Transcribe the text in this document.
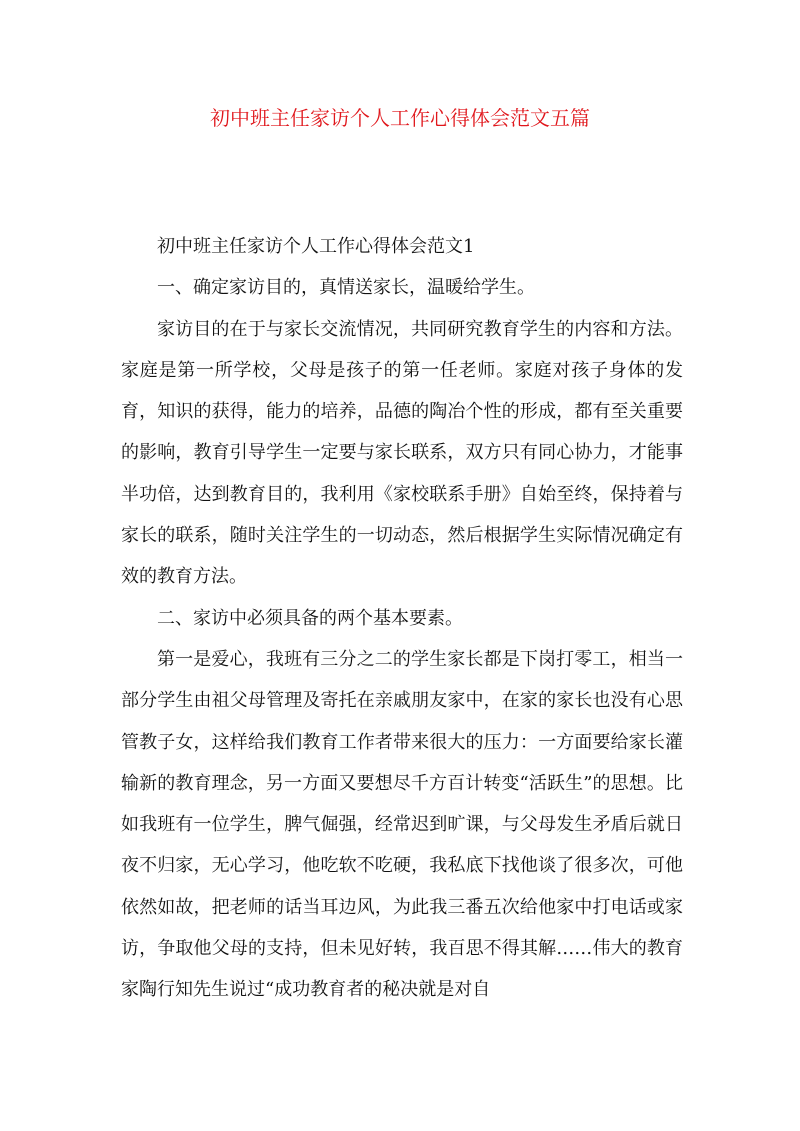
初中班主任家访个人工作心得体会范文五篇

初中班主任家访个人工作心得体会范文1

一、确定家访目的，真情送家长，温暖给学生。

家访目的在于与家长交流情况，共同研究教育学生的内容和方法。家庭是第一所学校，父母是孩子的第一任老师。家庭对孩子身体的发育，知识的获得，能力的培养，品德的陶冶个性的形成，都有至关重要的影响，教育引导学生一定要与家长联系，双方只有同心协力，才能事半功倍，达到教育目的，我利用《家校联系手册》自始至终，保持着与家长的联系，随时关注学生的一切动态，然后根据学生实际情况确定有效的教育方法。

二、家访中必须具备的两个基本要素。

第一是爱心，我班有三分之二的学生家长都是下岗打零工，相当一部分学生由祖父母管理及寄托在亲戚朋友家中，在家的家长也没有心思管教子女，这样给我们教育工作者带来很大的压力：一方面要给家长灌输新的教育理念，另一方面又要想尽千方百计转变“活跃生”的思想。比如我班有一位学生，脾气倔强，经常迟到旷课，与父母发生矛盾后就日夜不归家，无心学习，他吃软不吃硬，我私底下找他谈了很多次，可他依然如故，把老师的话当耳边风，为此我三番五次给他家中打电话或家访，争取他父母的支持，但未见好转，我百思不得其解……伟大的教育家陶行知先生说过“成功教育者的秘决就是对自
